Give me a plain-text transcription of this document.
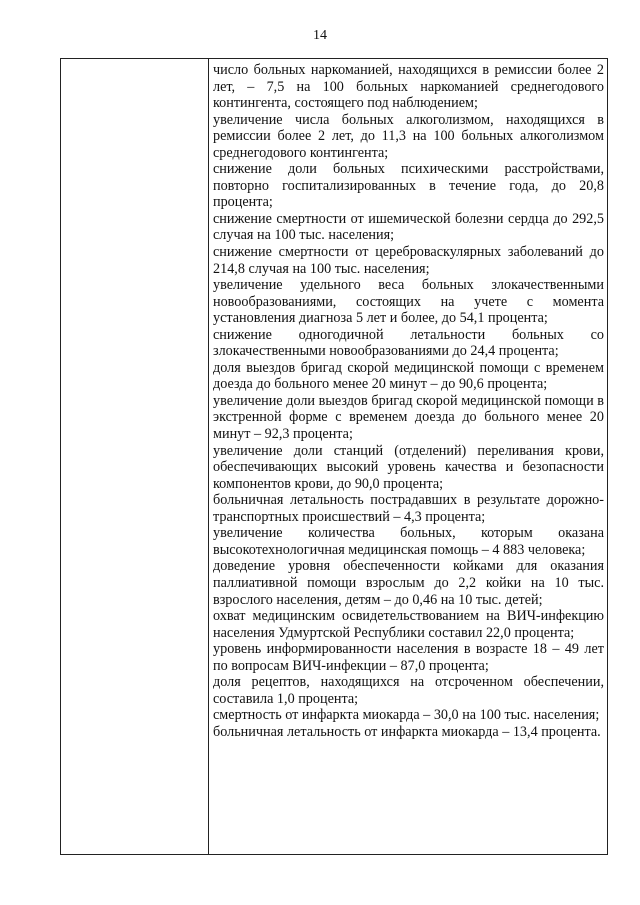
14

число больных наркоманией, находящихся в ремиссии более 2 лет, – 7,5 на 100 больных наркоманией среднегодового контингента, состоящего под наблюдением;

увеличение числа больных алкоголизмом, находящихся в ремиссии более 2 лет, до 11,3 на 100 больных алкоголизмом среднегодового контингента;

снижение доли больных психическими расстройствами, повторно госпитализированных в течение года, до 20,8 процента;

снижение смертности от ишемической болезни сердца до 292,5 случая на 100 тыс. населения;

снижение смертности от цереброваскулярных заболеваний до 214,8 случая на 100 тыс. населения;

увеличение удельного веса больных злокачественными новообразованиями, состоящих на учете с момента установления диагноза 5 лет и более, до 54,1 процента;

снижение одногодичной летальности больных со злокачественными новообразованиями до 24,4 процента;

доля выездов бригад скорой медицинской помощи с временем доезда до больного менее 20 минут – до 90,6 процента;

увеличение доли выездов бригад скорой медицинской помощи в экстренной форме с временем доезда до больного менее 20 минут – 92,3 процента;

увеличение доли станций (отделений) переливания крови, обеспечивающих высокий уровень качества и безопасности компонентов крови, до 90,0 процента;

больничная летальность пострадавших в результате дорожно-транспортных происшествий – 4,3 процента;

увеличение количества больных, которым оказана высокотехнологичная медицинская помощь – 4 883 человека;

доведение уровня обеспеченности койками для оказания паллиативной помощи взрослым до 2,2 койки на 10 тыс. взрослого населения, детям – до 0,46 на 10 тыс. детей;

охват медицинским освидетельствованием на ВИЧ-инфекцию населения Удмуртской Республики составил 22,0 процента;

уровень информированности населения в возрасте 18 – 49 лет по вопросам ВИЧ-инфекции – 87,0 процента;

доля рецептов, находящихся на отсроченном обеспечении, составила 1,0 процента;

смертность от инфаркта миокарда – 30,0 на 100 тыс. населения;

больничная летальность от инфаркта миокарда – 13,4 процента.
